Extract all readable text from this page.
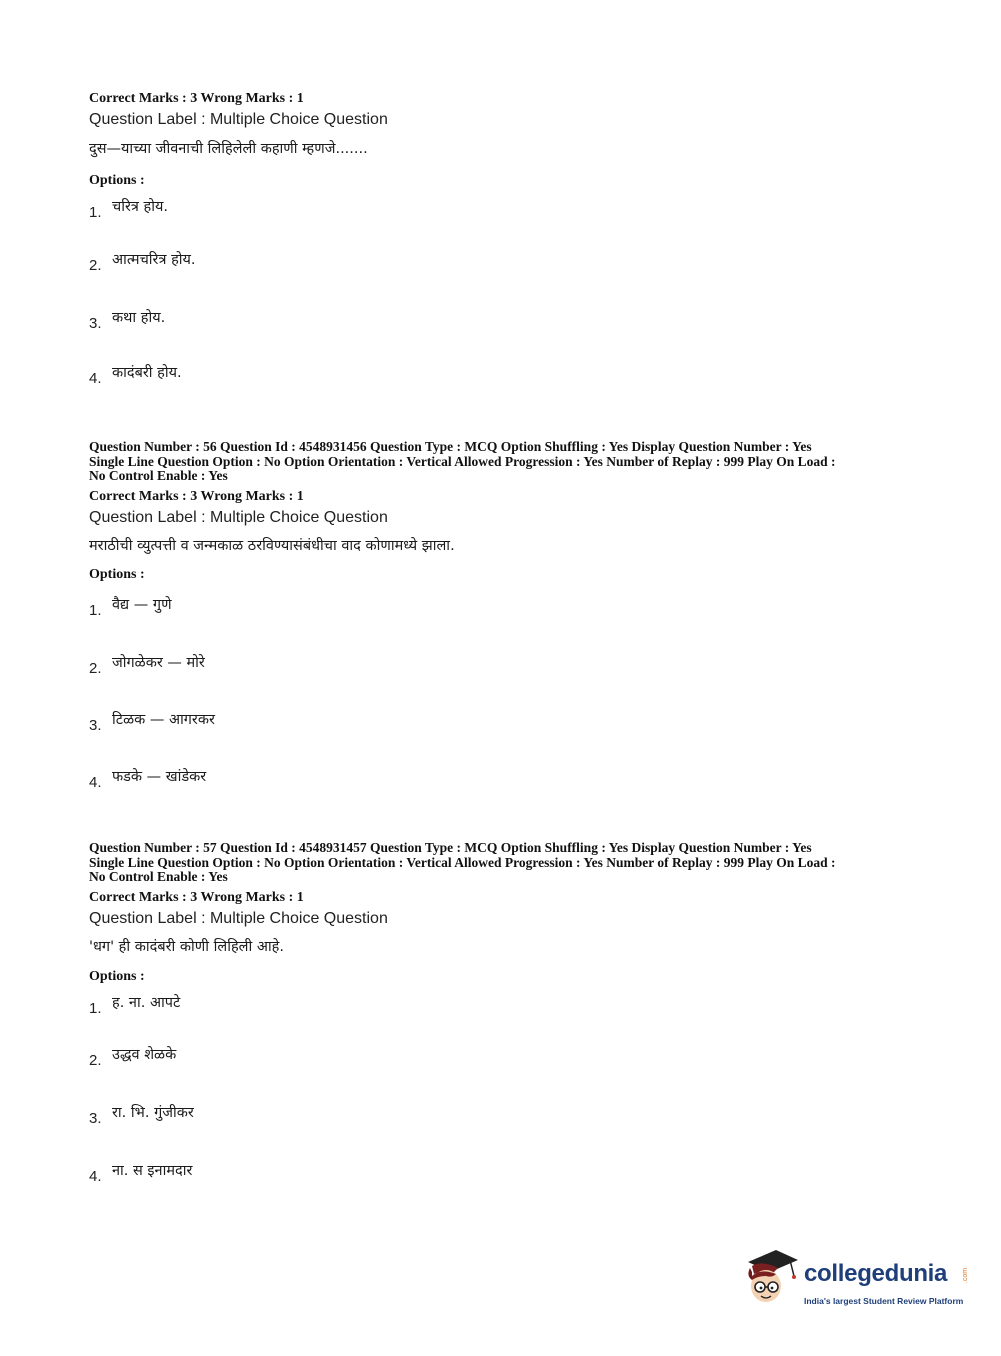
Correct Marks : 3 Wrong Marks : 1

Question Label : Multiple Choice Question

दुस—याच्या जीवनाची लिहिलेली कहाणी म्हणजे.......

Options :

1. चरित्र होय.
2. आत्मचरित्र होय.
3. कथा होय.
4. कादंबरी होय.

Question Number : 56 Question Id : 4548931456 Question Type : MCQ Option Shuffling : Yes Display Question Number : Yes

Single Line Question Option : No Option Orientation : Vertical Allowed Progression : Yes Number of Replay : 999 Play On Load :

No Control Enable : Yes

Correct Marks : 3 Wrong Marks : 1

Question Label : Multiple Choice Question

मराठीची व्युत्पत्ती व जन्मकाळ ठरविण्यासंबंधीचा वाद कोणामध्ये झाला.

Options :

1. वैद्य — गुणे
2. जोगळेकर — मोरे
3. टिळक — आगरकर
4. फडके — खांडेकर

Question Number : 57 Question Id : 4548931457 Question Type : MCQ Option Shuffling : Yes Display Question Number : Yes

Single Line Question Option : No Option Orientation : Vertical Allowed Progression : Yes Number of Replay : 999 Play On Load :

No Control Enable : Yes

Correct Marks : 3 Wrong Marks : 1

Question Label : Multiple Choice Question

'धग' ही कादंबरी कोणी लिहिली आहे.

Options :

1. ह. ना. आपटे
2. उद्धव शेळके
3. रा. भि. गुंजीकर
4. ना. स इनामदार
collegedunia .com
India's largest Student Review Platform
